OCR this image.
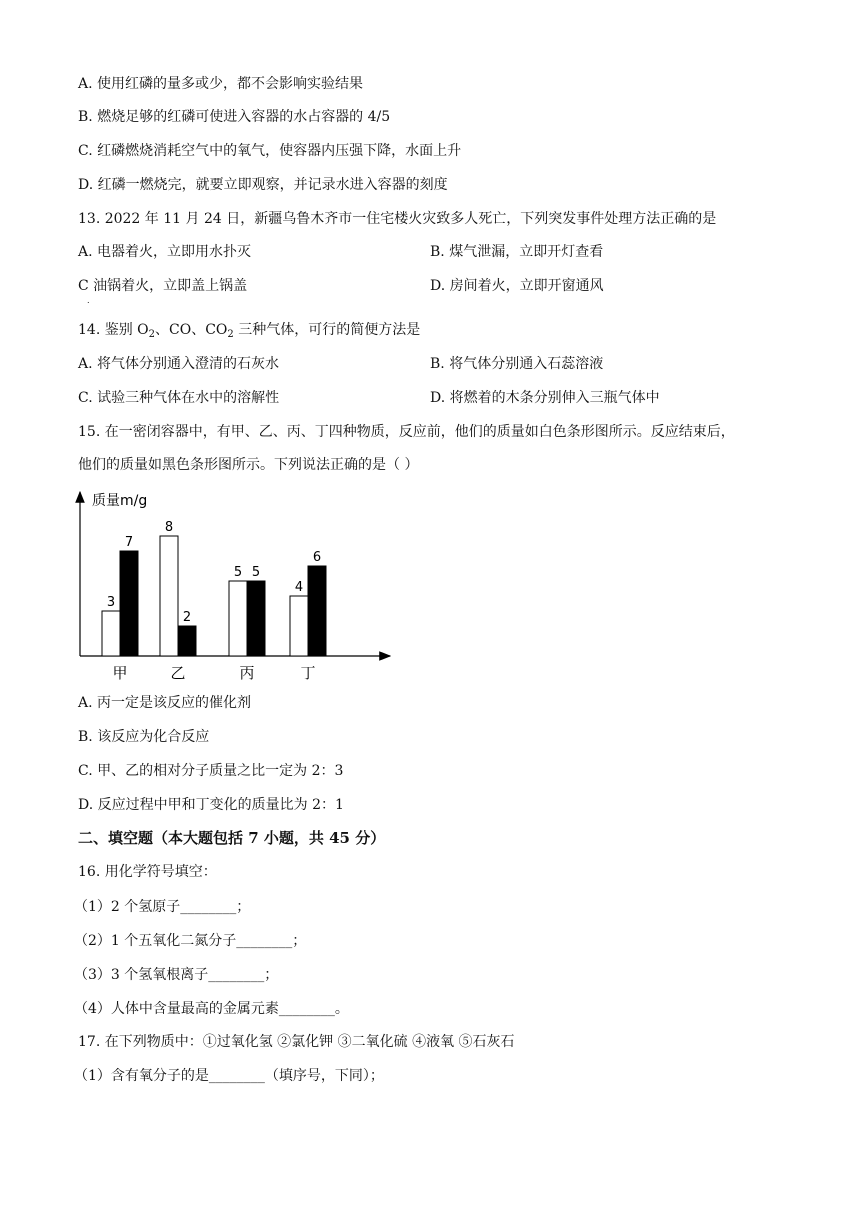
A. 使用红磷的量多或少，都不会影响实验结果
B. 燃烧足够的红磷可使进入容器的水占容器的 4/5
C. 红磷燃烧消耗空气中的氧气，使容器内压强下降，水面上升
D. 红磷一燃烧完，就要立即观察，并记录水进入容器的刻度
13. 2022 年 11 月 24 日，新疆乌鲁木齐市一住宅楼火灾致多人死亡，下列突发事件处理方法正确的是
A. 电器着火，立即用水扑灭	B. 煤气泄漏，立即开灯查看
C 油锅着火，立即盖上锅盖	D. 房间着火，立即开窗通风
.
14. 鉴别 $O_2$、CO、$CO_2$ 三种气体，可行的简便方法是
A. 将气体分别通入澄清的石灰水	B. 将气体分别通入石蕊溶液
C. 试验三种气体在水中的溶解性	D. 将燃着的木条分别伸入三瓶气体中
15. 在一密闭容器中，有甲、乙、丙、丁四种物质，反应前，他们的质量如白色条形图所示。反应结束后，
他们的质量如黑色条形图所示。下列说法正确的是（ ）
质量m/g
3
7
8
2
5 5
4
6
甲	乙	丙	丁
A. 丙一定是该反应的催化剂
B. 该反应为化合反应
C. 甲、乙的相对分子质量之比一定为 2：3
D. 反应过程中甲和丁变化的质量比为 2：1
二、填空题（本大题包括 7 小题，共 45 分）
16. 用化学符号填空：
（1）2 个氢原子________；
（2）1 个五氧化二氮分子________；
（3）3 个氢氧根离子________；
（4）人体中含量最高的金属元素________。
17. 在下列物质中：①过氧化氢 ②氯化钾 ③二氧化硫 ④液氧 ⑤石灰石
（1）含有氧分子的是________（填序号，下同）；
